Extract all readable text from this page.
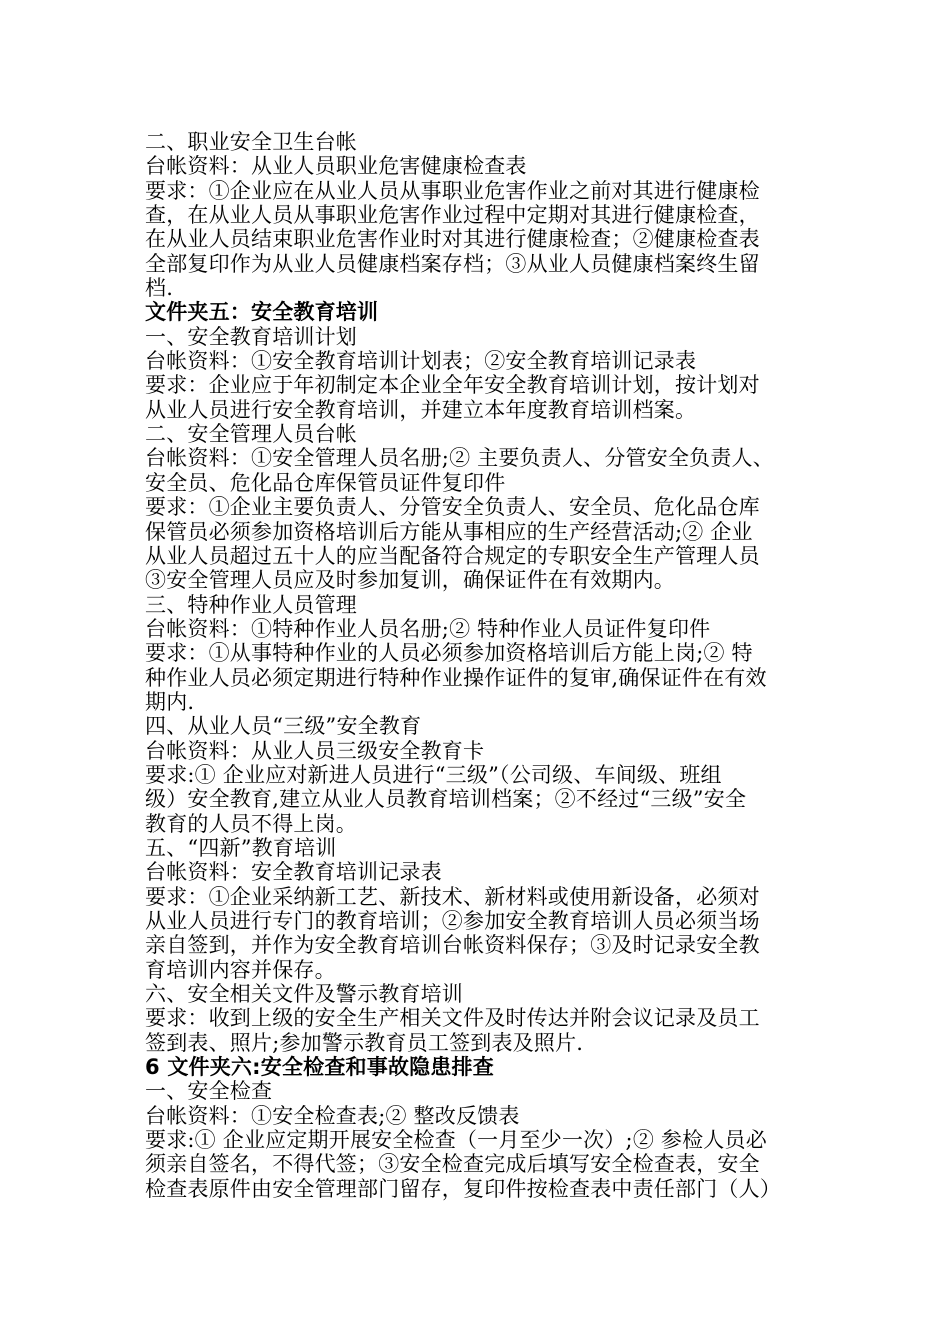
二、职业安全卫生台帐
台帐资料：从业人员职业危害健康检查表
要求：①企业应在从业人员从事职业危害作业之前对其进行健康检
查，在从业人员从事职业危害作业过程中定期对其进行健康检查，
在从业人员结束职业危害作业时对其进行健康检查；②健康检查表
全部复印作为从业人员健康档案存档；③从业人员健康档案终生留
档.
文件夹五：安全教育培训
一、安全教育培训计划
台帐资料：①安全教育培训计划表；②安全教育培训记录表
要求：企业应于年初制定本企业全年安全教育培训计划，按计划对
从业人员进行安全教育培训，并建立本年度教育培训档案。
二、安全管理人员台帐
台帐资料：①安全管理人员名册;② 主要负责人、分管安全负责人、
安全员、危化品仓库保管员证件复印件
要求：①企业主要负责人、分管安全负责人、安全员、危化品仓库
保管员必须参加资格培训后方能从事相应的生产经营活动;② 企业
从业人员超过五十人的应当配备符合规定的专职安全生产管理人员
③安全管理人员应及时参加复训，确保证件在有效期内。
三、特种作业人员管理
台帐资料：①特种作业人员名册;② 特种作业人员证件复印件
要求：①从事特种作业的人员必须参加资格培训后方能上岗;② 特
种作业人员必须定期进行特种作业操作证件的复审,确保证件在有效
期内.
四、从业人员“三级”安全教育
台帐资料：从业人员三级安全教育卡
要求:① 企业应对新进人员进行“三级”（公司级、车间级、班组
级）安全教育,建立从业人员教育培训档案；②不经过“三级”安全
教育的人员不得上岗。
五、“四新”教育培训
台帐资料：安全教育培训记录表
要求：①企业采纳新工艺、新技术、新材料或使用新设备，必须对
从业人员进行专门的教育培训；②参加安全教育培训人员必须当场
亲自签到，并作为安全教育培训台帐资料保存；③及时记录安全教
育培训内容并保存。
六、安全相关文件及警示教育培训
要求：收到上级的安全生产相关文件及时传达并附会议记录及员工
签到表、照片;参加警示教育员工签到表及照片.
6 文件夹六:安全检查和事故隐患排查
一、安全检查
台帐资料：①安全检查表;② 整改反馈表
要求:① 企业应定期开展安全检查（一月至少一次）;② 参检人员必
须亲自签名，不得代签；③安全检查完成后填写安全检查表，安全
检查表原件由安全管理部门留存，复印件按检查表中责任部门（人）
